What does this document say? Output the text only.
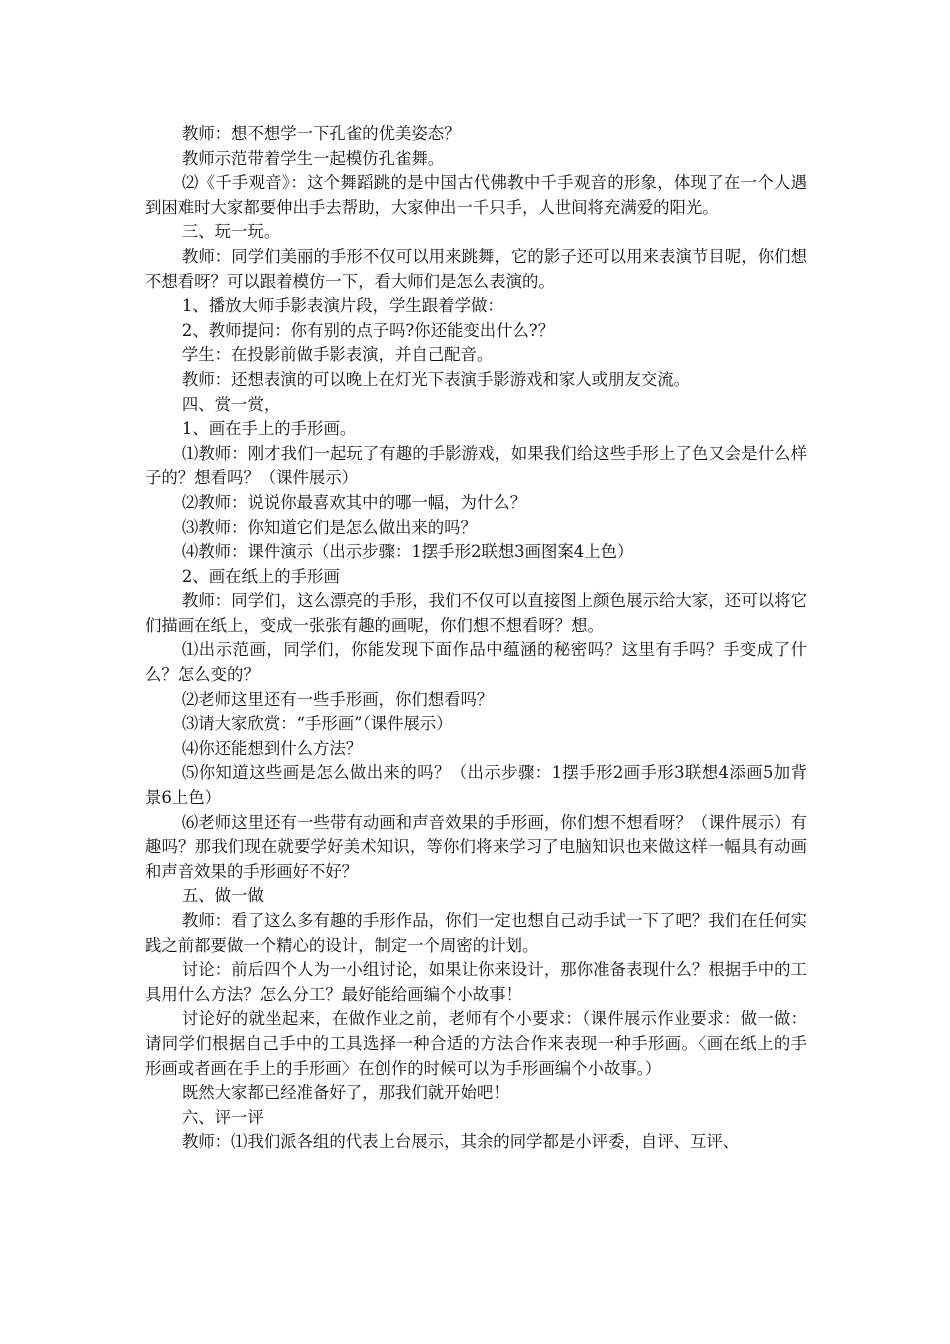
教师：想不想学一下孔雀的优美姿态？

教师示范带着学生一起模仿孔雀舞。

⑵《千手观音》：这个舞蹈跳的是中国古代佛教中千手观音的形象，体现了在一个人遇到困难时大家都要伸出手去帮助，大家伸出一千只手，人世间将充满爱的阳光。

三、玩一玩。

教师：同学们美丽的手形不仅可以用来跳舞，它的影子还可以用来表演节目呢，你们想不想看呀？可以跟着模仿一下，看大师们是怎么表演的。

1、播放大师手影表演片段，学生跟着学做：

2、教师提问：你有别的点子吗?你还能变出什么?？

学生：在投影前做手影表演，并自己配音。

教师：还想表演的可以晚上在灯光下表演手影游戏和家人或朋友交流。

四、赏一赏，

1、画在手上的手形画。

⑴教师：刚才我们一起玩了有趣的手影游戏，如果我们给这些手形上了色又会是什么样子的？想看吗？（课件展示）

⑵教师：说说你最喜欢其中的哪一幅，为什么？

⑶教师：你知道它们是怎么做出来的吗？

⑷教师：课件演示（出示步骤：1摆手形2联想3画图案4上色）

2、画在纸上的手形画

教师：同学们，这么漂亮的手形，我们不仅可以直接图上颜色展示给大家，还可以将它们描画在纸上，变成一张张有趣的画呢，你们想不想看呀？想。

⑴出示范画，同学们，你能发现下面作品中蕴涵的秘密吗？这里有手吗？手变成了什么？怎么变的？

⑵老师这里还有一些手形画，你们想看吗？

⑶请大家欣赏：“手形画”（课件展示）

⑷你还能想到什么方法？

⑸你知道这些画是怎么做出来的吗？（出示步骤：1摆手形2画手形3联想4添画5加背景6上色）

⑹老师这里还有一些带有动画和声音效果的手形画，你们想不想看呀？（课件展示）有趣吗？那我们现在就要学好美术知识，等你们将来学习了电脑知识也来做这样一幅具有动画和声音效果的手形画好不好？

五、做一做

教师：看了这么多有趣的手形作品，你们一定也想自己动手试一下了吧？我们在任何实践之前都要做一个精心的设计，制定一个周密的计划。

讨论：前后四个人为一小组讨论，如果让你来设计，那你准备表现什么？根据手中的工具用什么方法？怎么分工？最好能给画编个小故事！

讨论好的就坐起来，在做作业之前，老师有个小要求：（课件展示作业要求：做一做：请同学们根据自己手中的工具选择一种合适的方法合作来表现一种手形画。〈画在纸上的手形画或者画在手上的手形画〉在创作的时候可以为手形画编个小故事。）

既然大家都已经准备好了，那我们就开始吧！

六、评一评

教师：⑴我们派各组的代表上台展示，其余的同学都是小评委，自评、互评、
